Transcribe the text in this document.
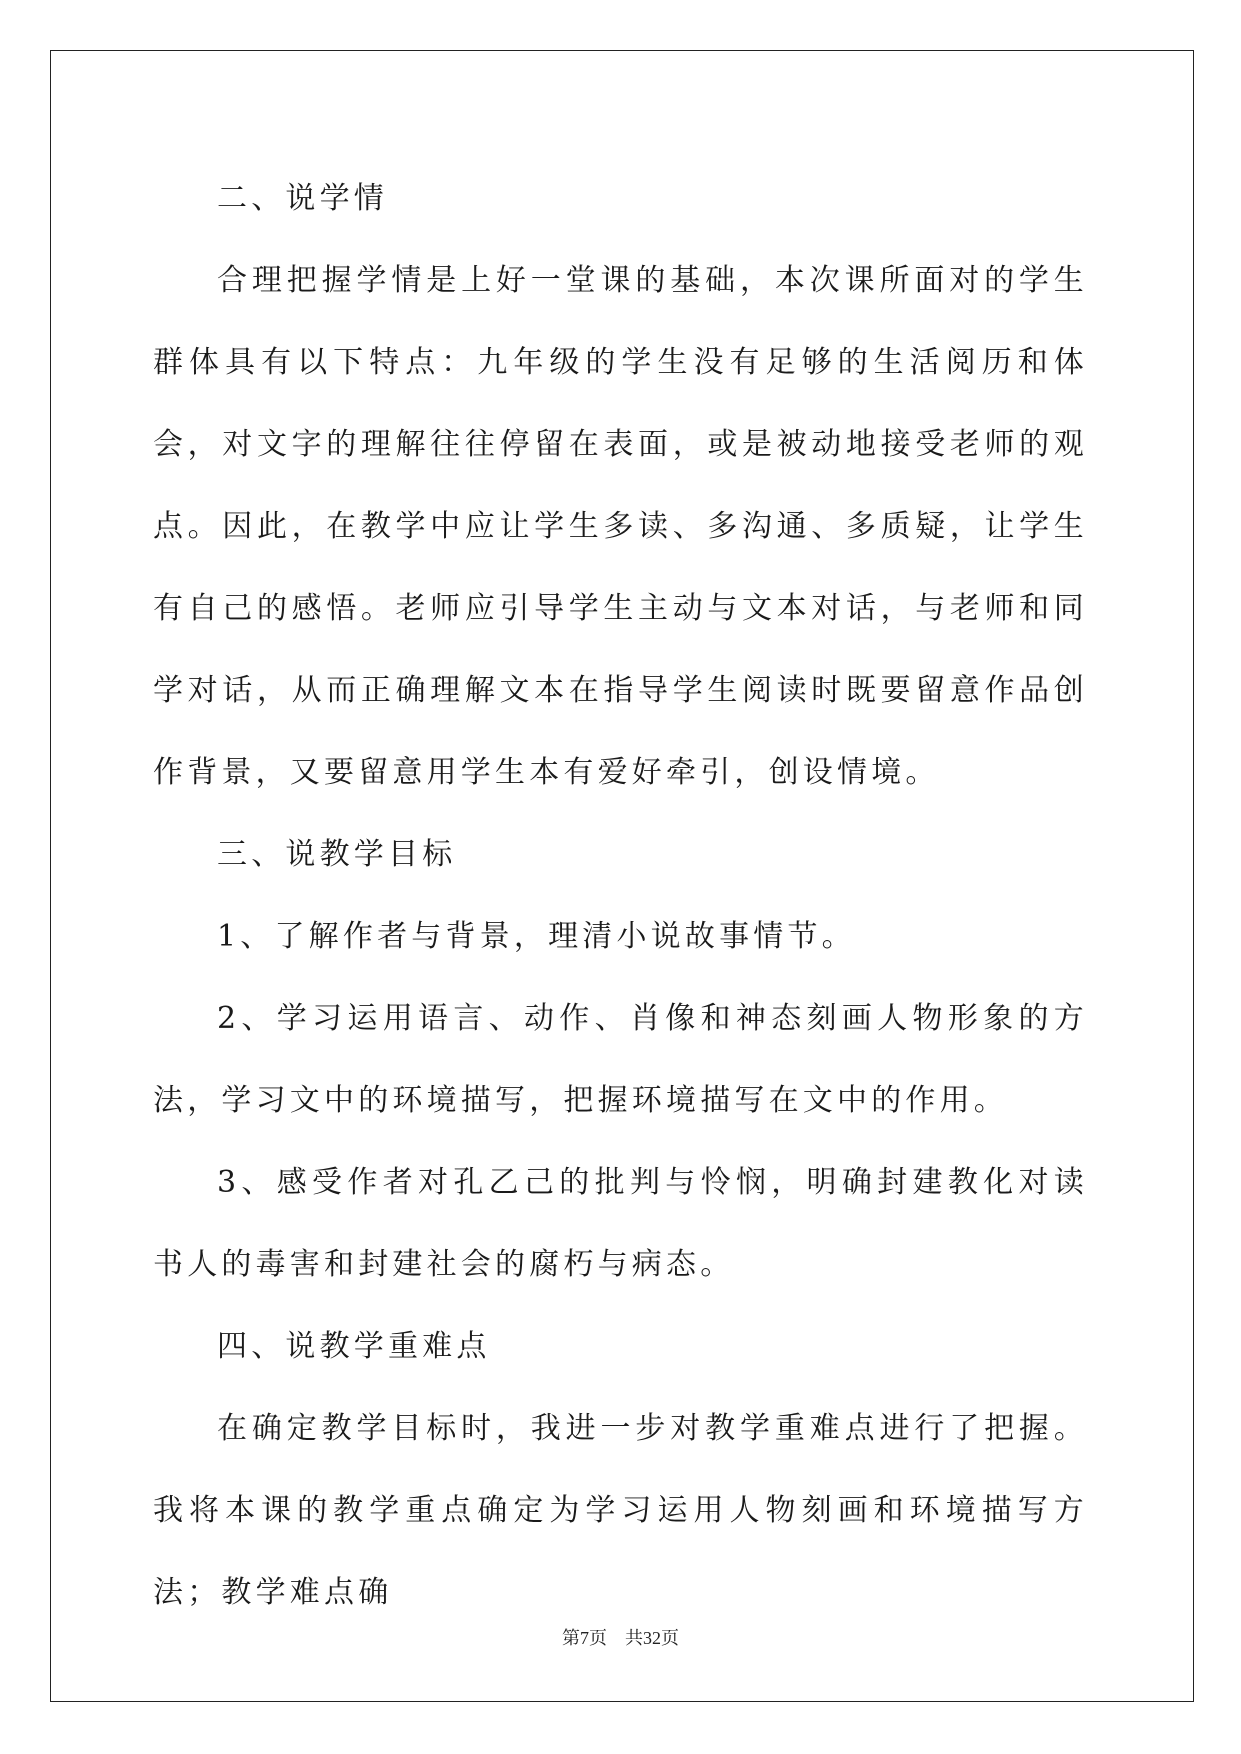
二、说学情

合理把握学情是上好一堂课的基础，本次课所面对的学生群体具有以下特点：九年级的学生没有足够的生活阅历和体会，对文字的理解往往停留在表面，或是被动地接受老师的观点。因此，在教学中应让学生多读、多沟通、多质疑，让学生有自己的感悟。老师应引导学生主动与文本对话，与老师和同学对话，从而正确理解文本在指导学生阅读时既要留意作品创作背景，又要留意用学生本有爱好牵引，创设情境。

三、说教学目标

1、了解作者与背景，理清小说故事情节。

2、学习运用语言、动作、肖像和神态刻画人物形象的方法，学习文中的环境描写，把握环境描写在文中的作用。

3、感受作者对孔乙己的批判与怜悯，明确封建教化对读书人的毒害和封建社会的腐朽与病态。

四、说教学重难点

在确定教学目标时，我进一步对教学重难点进行了把握。我将本课的教学重点确定为学习运用人物刻画和环境描写方法；教学难点确

第7页　共32页
